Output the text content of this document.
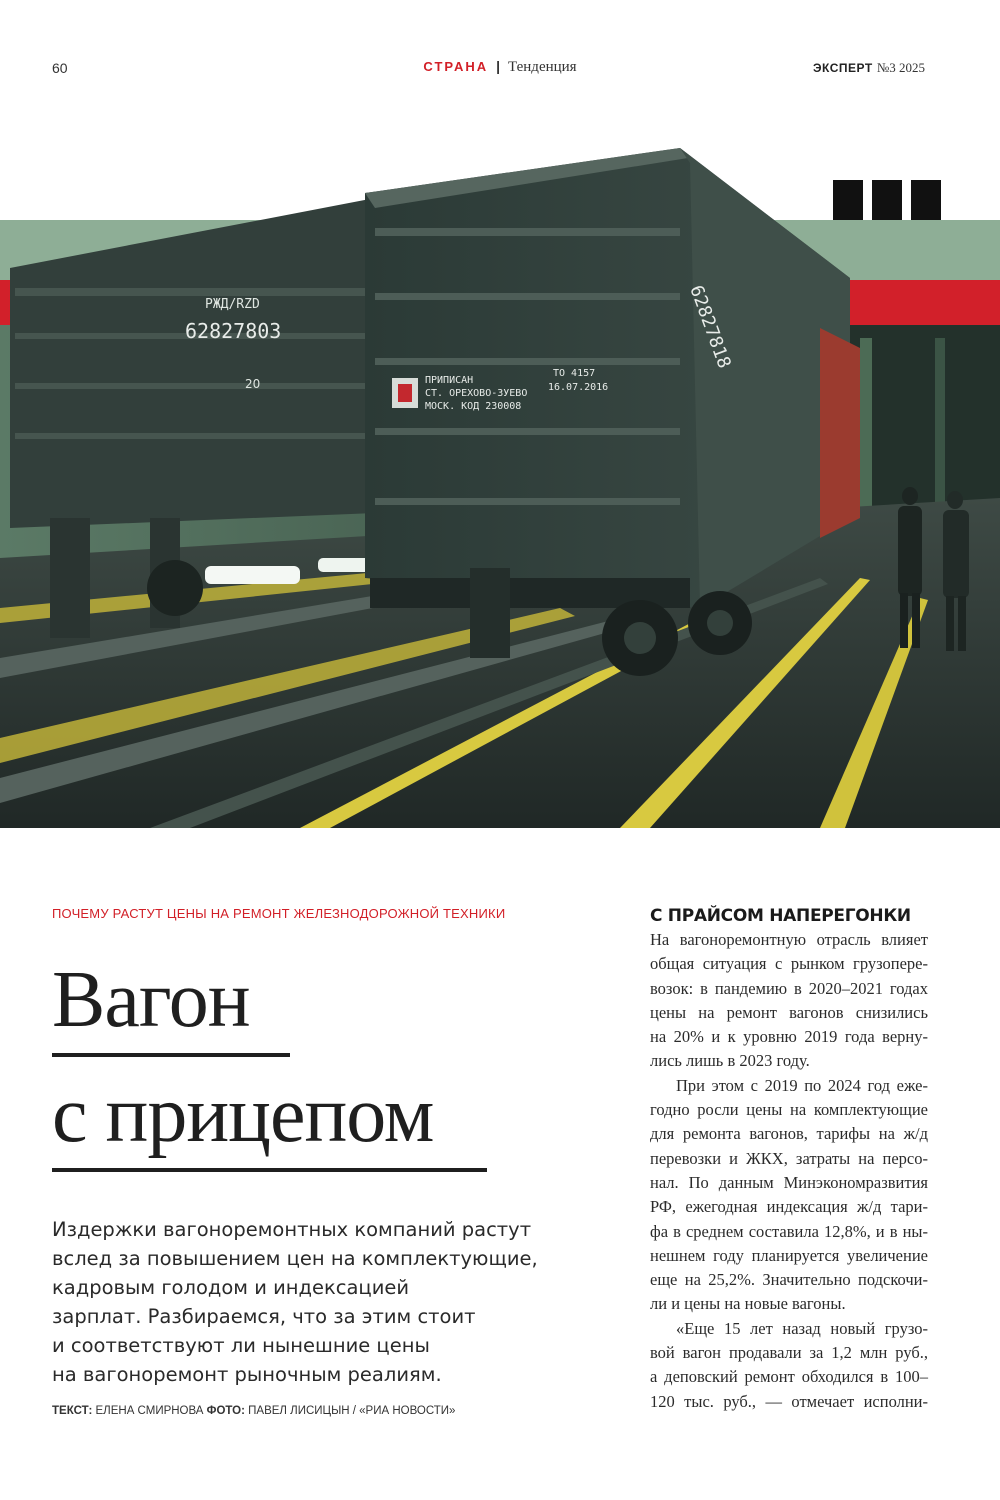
60	СТРАНА | Тенденция	ЭКСПЕРТ №3 2025
РЖД/RZD
62827803
20	ПРИПИСАН
СТ. ОРЕХОВО-ЗУЕВО
МОСК. КОД 230008
ТО 4157
16.07.2016
62827818
ПОЧЕМУ РАСТУТ ЦЕНЫ НА РЕМОНТ ЖЕЛЕЗНОДОРОЖНОЙ ТЕХНИКИ
Вагон
с прицепом

Издержки вагоноремонтных компаний растут

вслед за повышением цен на комплектующие,

кадровым голодом и индексацией

зарплат. Разбираемся, что за этим стоит

и соответствуют ли нынешние цены

на вагоноремонт рыночным реалиям.

ТЕКСТ: ЕЛЕНА СМИРНОВА ФОТО: ПАВЕЛ ЛИСИЦЫН / «РИА НОВОСТИ»
С ПРАЙСОМ НАПЕРЕГОНКИ
На вагоноремонтную отрасль влияет
общая ситуация с рынком грузопере-
возок: в пандемию в 2020–2021 годах
цены на ремонт вагонов снизились
на 20% и к уровню 2019 года верну-
лись лишь в 2023 году.
При этом с 2019 по 2024 год еже-
годно росли цены на комплектующие
для ремонта вагонов, тарифы на ж/д
перевозки и ЖКХ, затраты на персо-
нал. По данным Минэкономразвития
РФ, ежегодная индексация ж/д тари-
фа в среднем составила 12,8%, и в ны-
нешнем году планируется увеличение
еще на 25,2%. Значительно подскочи-
ли и цены на новые вагоны.
«Еще 15 лет назад новый грузо-
вой вагон продавали за 1,2 млн руб.,
а деповский ремонт обходился в 100–
120 тыс. руб., — отмечает исполни-
